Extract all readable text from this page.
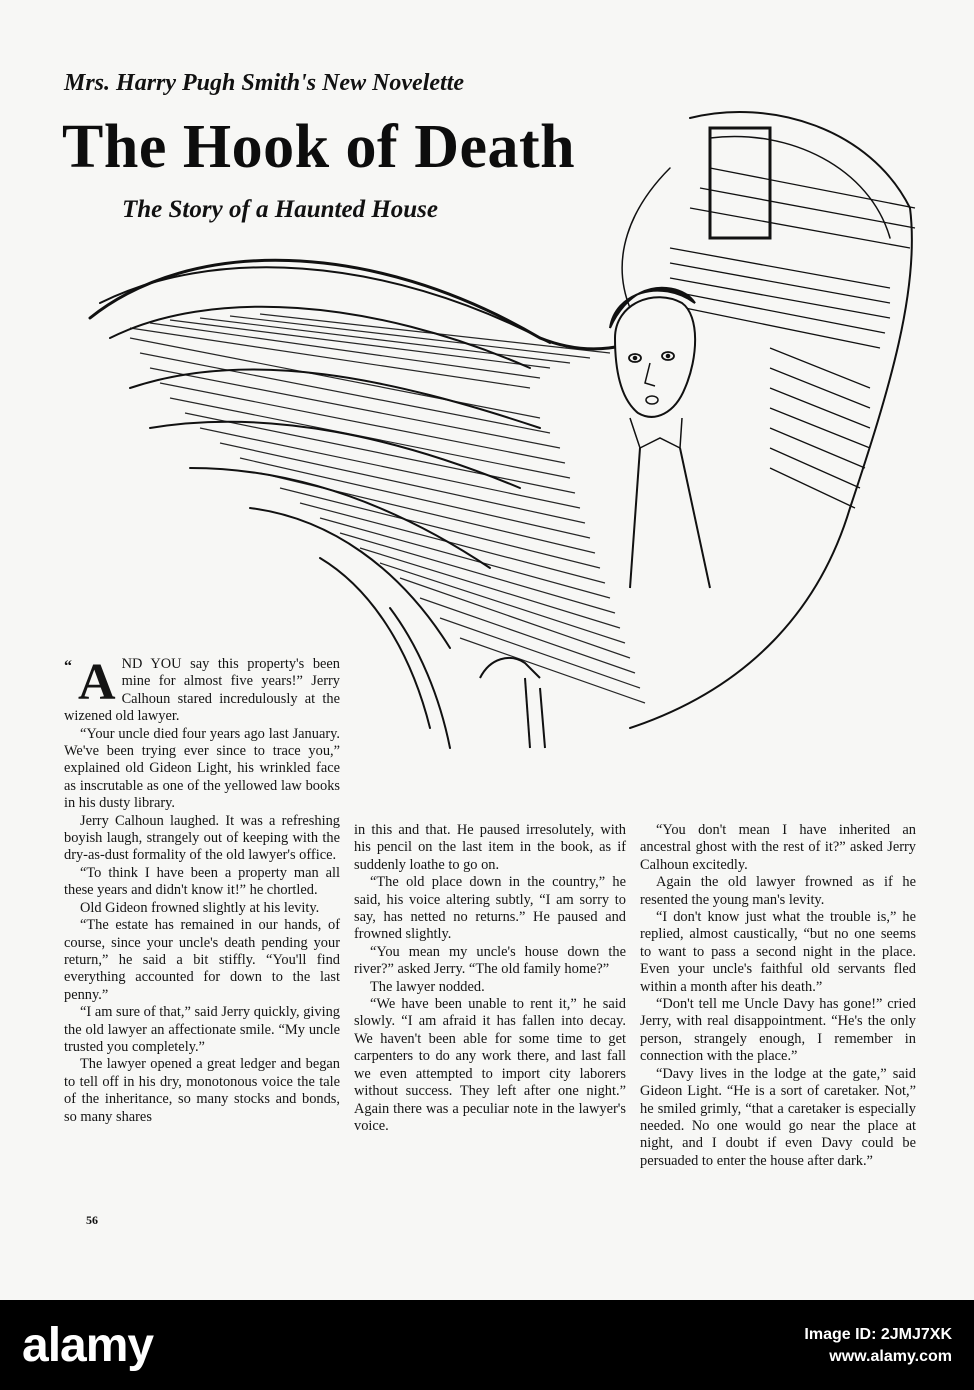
Mrs. Harry Pugh Smith's New Novelette
The Hook of Death
The Story of a Haunted House

“ A ND YOU say this property's been mine for almost five years!” Jerry Calhoun stared incredulously at the wizened old lawyer.

“Your uncle died four years ago last January. We've been trying ever since to trace you,” explained old Gideon Light, his wrinkled face as inscrutable as one of the yellowed law books in his dusty library.

Jerry Calhoun laughed. It was a refreshing boyish laugh, strangely out of keeping with the dry-as-dust formality of the old lawyer's office.

“To think I have been a property man all these years and didn't know it!” he chortled.

Old Gideon frowned slightly at his levity.

“The estate has remained in our hands, of course, since your uncle's death pending your return,” he said a bit stiffly. “You'll find everything accounted for down to the last penny.”

“I am sure of that,” said Jerry quickly, giving the old lawyer an affectionate smile. “My uncle trusted you completely.”

The lawyer opened a great ledger and began to tell off in his dry, monotonous voice the tale of the inheritance, so many stocks and bonds, so many shares

in this and that. He paused irresolutely, with his pencil on the last item in the book, as if suddenly loathe to go on.

“The old place down in the country,” he said, his voice altering subtly, “I am sorry to say, has netted no returns.” He paused and frowned slightly.

“You mean my uncle's house down the river?” asked Jerry. “The old family home?”

The lawyer nodded.

“We have been unable to rent it,” he said slowly. “I am afraid it has fallen into decay. We haven't been able for some time to get carpenters to do any work there, and last fall we even attempted to import city laborers without success. They left after one night.” Again there was a peculiar note in the lawyer's voice.

“You don't mean I have inherited an ancestral ghost with the rest of it?” asked Jerry Calhoun excitedly.

Again the old lawyer frowned as if he resented the young man's levity.

“I don't know just what the trouble is,” he replied, almost caustically, “but no one seems to want to pass a second night in the place. Even your uncle's faithful old servants fled within a month after his death.”

“Don't tell me Uncle Davy has gone!” cried Jerry, with real disappointment. “He's the only person, strangely enough, I remember in connection with the place.”

“Davy lives in the lodge at the gate,” said Gideon Light. “He is a sort of caretaker. Not,” he smiled grimly, “that a caretaker is especially needed. No one would go near the place at night, and I doubt if even Davy could be persuaded to enter the house after dark.”

56
alamy	Image ID: 2JMJ7XK
www.alamy.com
